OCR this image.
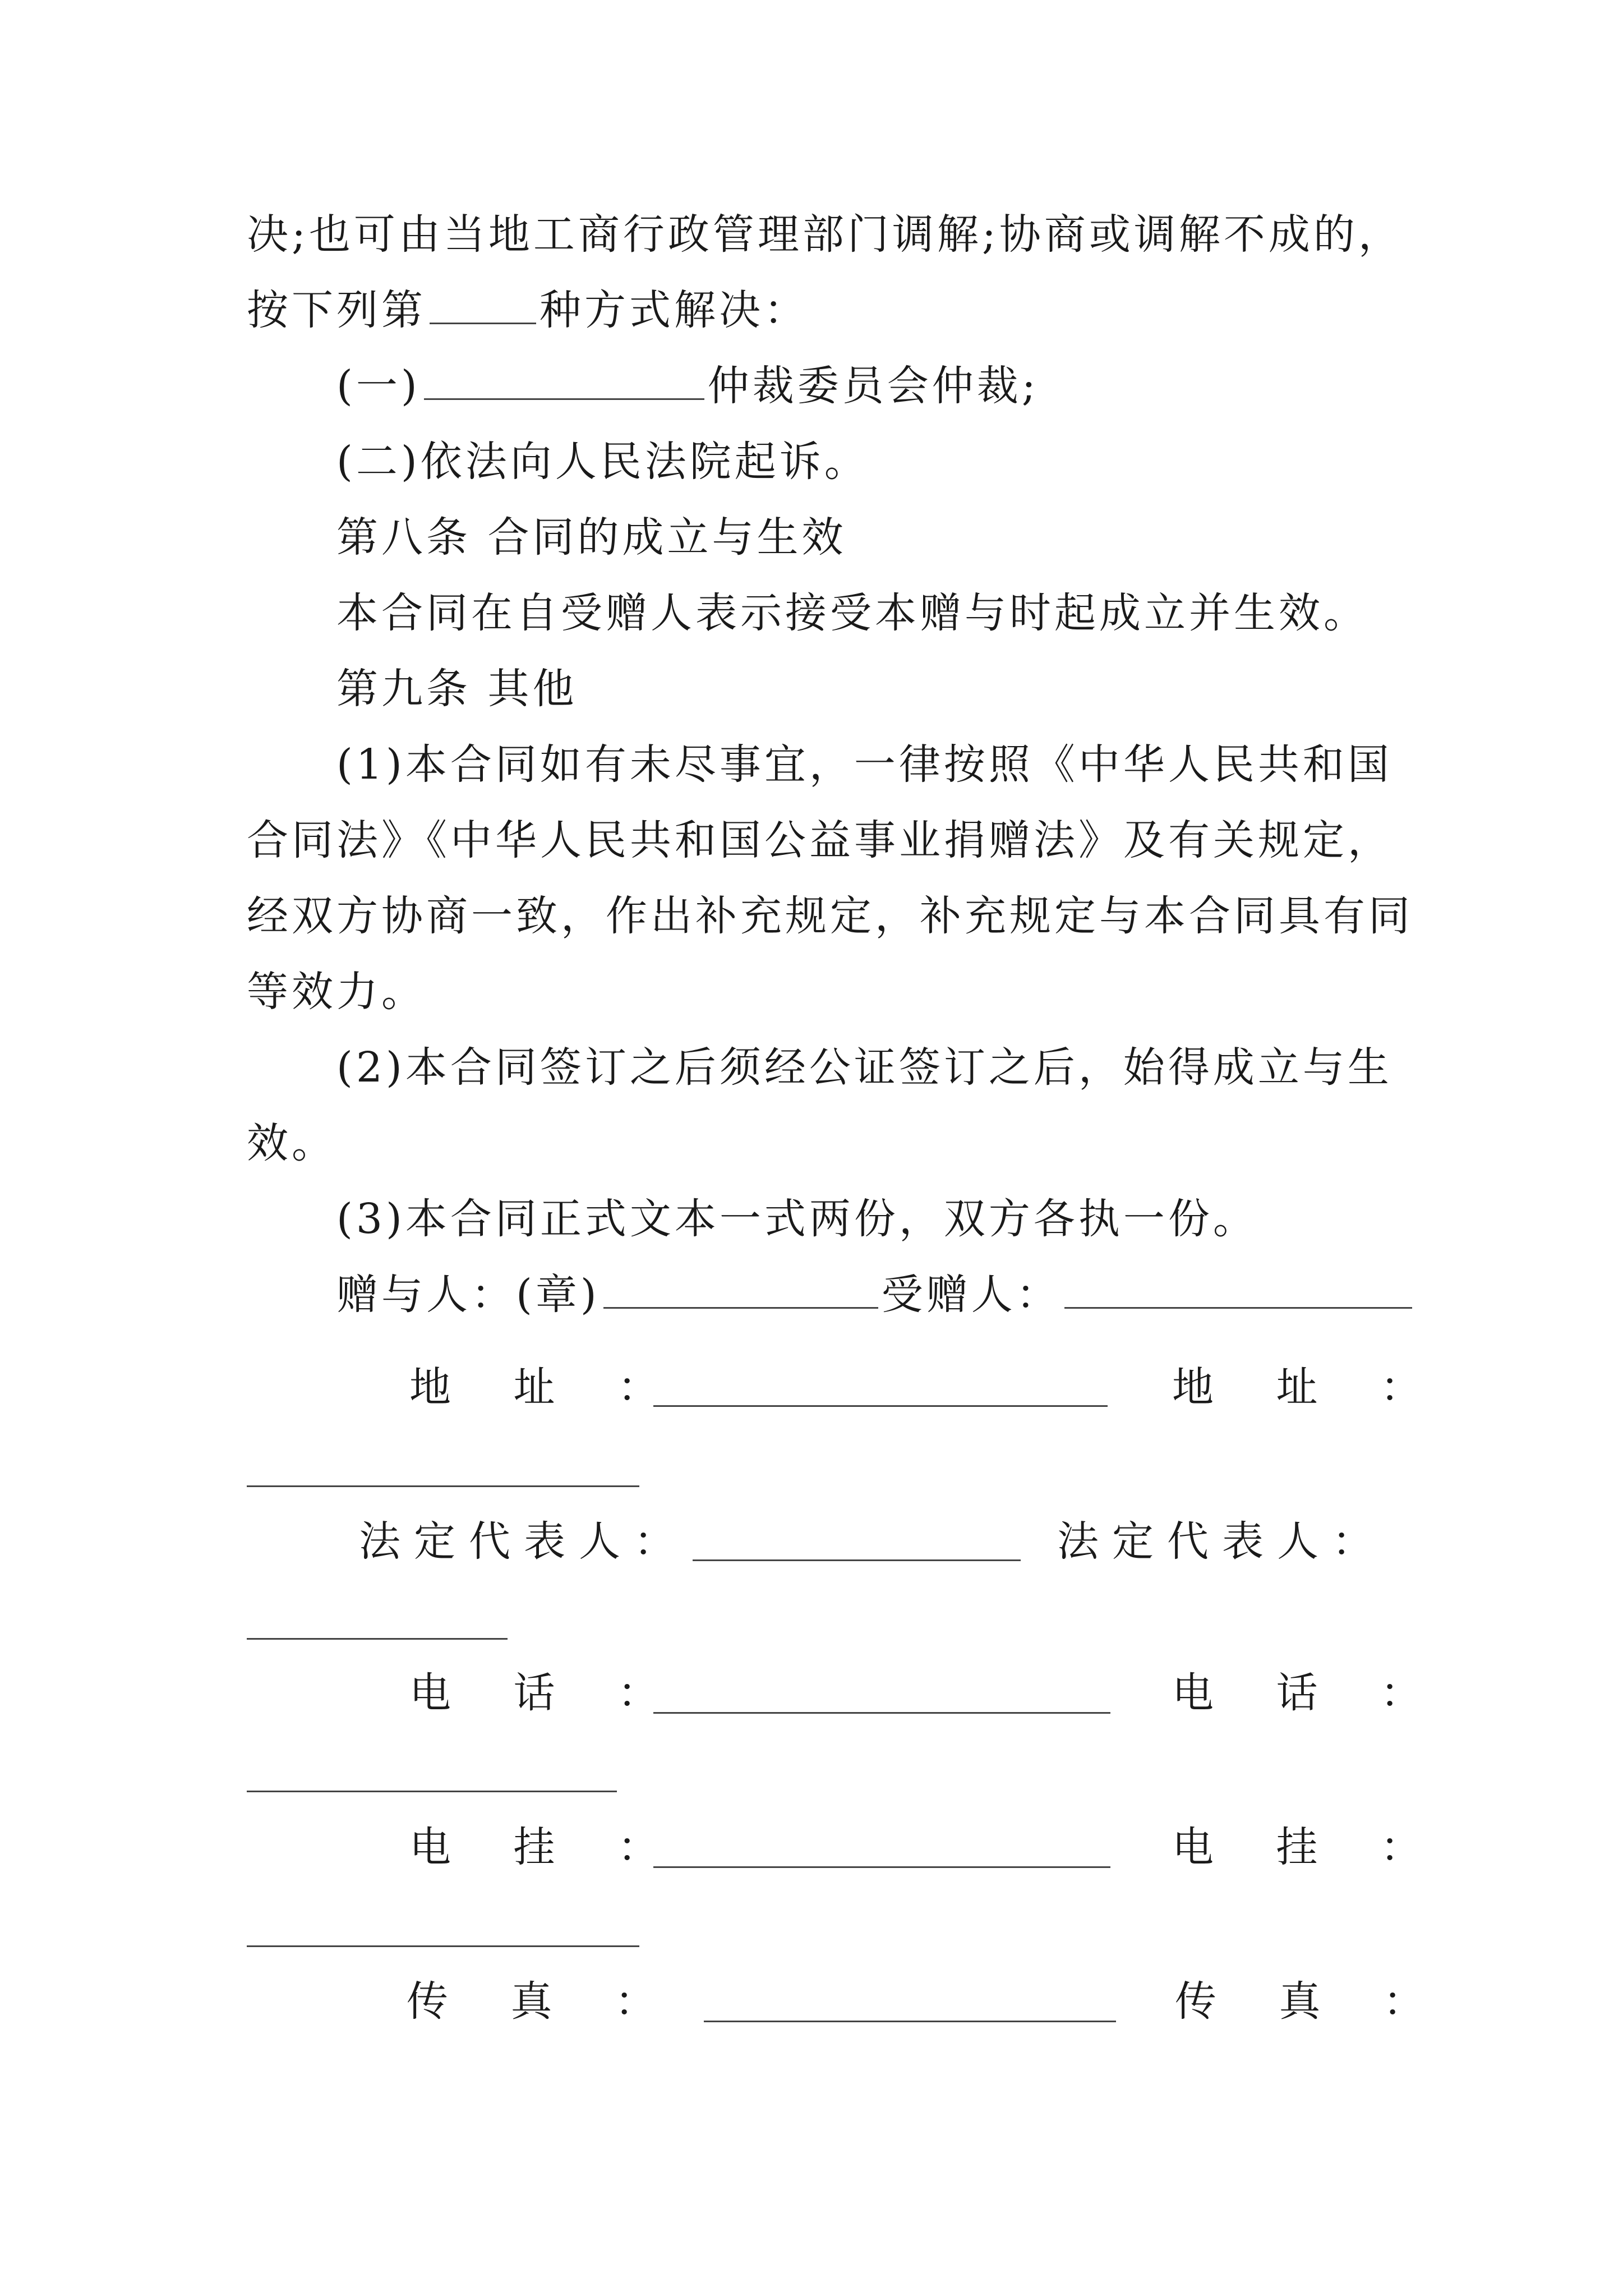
决;也可由当地工商行政管理部门调解;协商或调解不成的，
按下列第	种方式解决：
(一)	仲裁委员会仲裁;
(二)依法向人民法院起诉。
第八条 合同的成立与生效
本合同在自受赠人表示接受本赠与时起成立并生效。
第九条 其他
(1)本合同如有未尽事宜，一律按照《中华人民共和国
合同法》《中华人民共和国公益事业捐赠法》及有关规定，
经双方协商一致，作出补充规定，补充规定与本合同具有同
等效力。
(2)本合同签订之后须经公证签订之后，始得成立与生
效。
(3)本合同正式文本一式两份，双方各执一份。
赠与人：(章)	受赠人：
地 址 ：	地 址 ：
法定代表人：	法定代表人：
电 话 ：	电 话 ：
电 挂 ：	电 挂 ：
传 真 ：	传 真 ：
